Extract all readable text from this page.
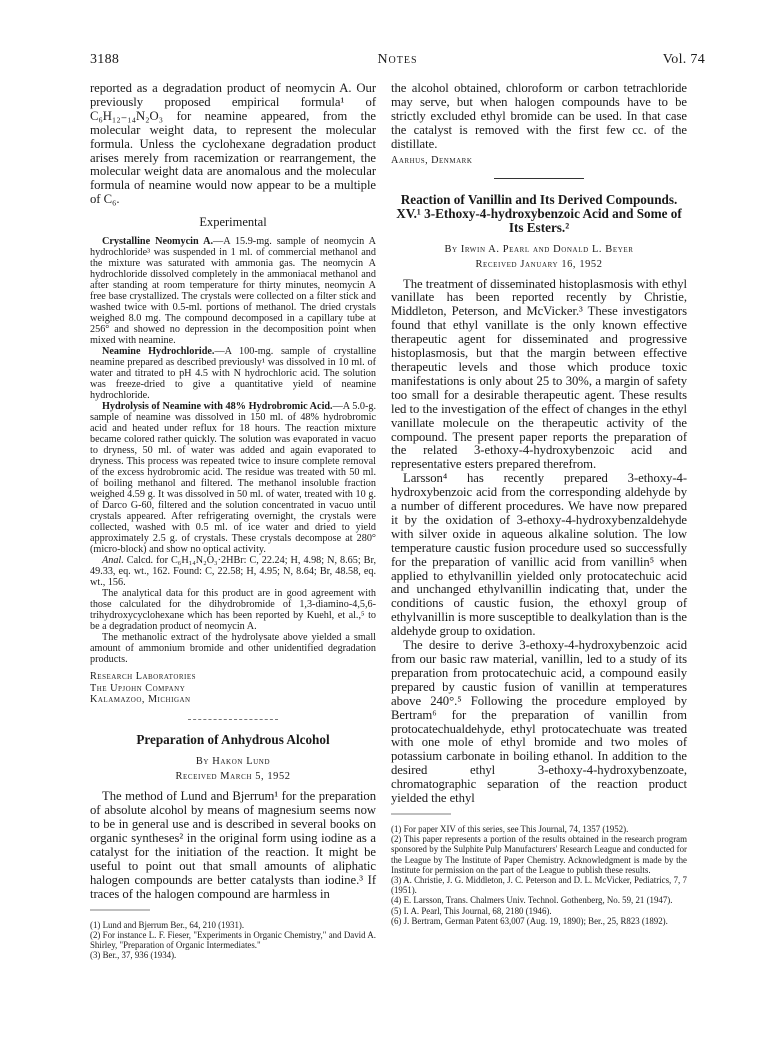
3188	Notes	Vol. 74

reported as a degradation product of neomycin A. Our previously proposed empirical formula¹ of C₆H₁₂₋₁₄N₂O₃ for neamine appeared, from the molecular weight data, to represent the molecular formula. Unless the cyclohexane degradation product arises merely from racemization or rearrangement, the molecular weight data are anomalous and the molecular formula of neamine would now appear to be a multiple of C₆.

Experimental

Crystalline Neomycin A.—A 15.9-mg. sample of neomycin A hydrochloride³ was suspended in 1 ml. of commercial methanol and the mixture was saturated with ammonia gas. The neomycin A hydrochloride dissolved completely in the ammoniacal methanol and after standing at room temperature for thirty minutes, neomycin A free base crystallized. The crystals were collected on a filter stick and washed twice with 0.5-ml. portions of methanol. The dried crystals weighed 8.0 mg. The compound decomposed in a capillary tube at 256° and showed no depression in the decomposition point when mixed with neamine.

Neamine Hydrochloride.—A 100-mg. sample of crystalline neamine prepared as described previously¹ was dissolved in 10 ml. of water and titrated to pH 4.5 with N hydrochloric acid. The solution was freeze-dried to give a quantitative yield of neamine hydrochloride.

Hydrolysis of Neamine with 48% Hydrobromic Acid.—A 5.0-g. sample of neamine was dissolved in 150 ml. of 48% hydrobromic acid and heated under reflux for 18 hours. The reaction mixture became colored rather quickly. The solution was evaporated in vacuo to dryness, 50 ml. of water was added and again evaporated to dryness. This process was repeated twice to insure complete removal of the excess hydrobromic acid. The residue was treated with 50 ml. of boiling methanol and filtered. The methanol insoluble fraction weighed 4.59 g. It was dissolved in 50 ml. of water, treated with 10 g. of Darco G-60, filtered and the solution concentrated in vacuo until crystals appeared. After refrigerating overnight, the crystals were collected, washed with 0.5 ml. of ice water and dried to yield approximately 2.5 g. of crystals. These crystals decompose at 280° (micro-block) and show no optical activity.

Anal. Calcd. for C₆H₁₄N₂O₃·2HBr: C, 22.24; H, 4.98; N, 8.65; Br, 49.33, eq. wt., 162. Found: C, 22.58; H, 4.95; N, 8.64; Br, 48.58, eq. wt., 156.

The analytical data for this product are in good agreement with those calculated for the dihydrobromide of 1,3-diamino-4,5,6-trihydroxycyclohexane which has been reported by Kuehl, et al.,⁵ to be a degradation product of neomycin A.

The methanolic extract of the hydrolysate above yielded a small amount of ammonium bromide and other unidentified degradation products.

Research Laboratories
The Upjohn Company
Kalamazoo, Michigan
Preparation of Anhydrous Alcohol
By Hakon Lund
Received March 5, 1952

The method of Lund and Bjerrum¹ for the preparation of absolute alcohol by means of magnesium seems now to be in general use and is described in several books on organic syntheses² in the original form using iodine as a catalyst for the initiation of the reaction. It might be useful to point out that small amounts of aliphatic halogen compounds are better catalysts than iodine.³ If traces of the halogen compound are harmless in

(1) Lund and Bjerrum Ber., 64, 210 (1931).

(2) For instance L. F. Fieser, "Experiments in Organic Chemistry," and David A. Shirley, "Preparation of Organic Intermediates."

(3) Ber., 37, 936 (1934).

the alcohol obtained, chloroform or carbon tetrachloride may serve, but when halogen compounds have to be strictly excluded ethyl bromide can be used. In that case the catalyst is removed with the first few cc. of the distillate.

Aarhus, Denmark
Reaction of Vanillin and Its Derived Compounds. XV.¹ 3-Ethoxy-4-hydroxybenzoic Acid and Some of Its Esters.²
By Irwin A. Pearl and Donald L. Beyer
Received January 16, 1952

The treatment of disseminated histoplasmosis with ethyl vanillate has been reported recently by Christie, Middleton, Peterson, and McVicker.³ These investigators found that ethyl vanillate is the only known effective therapeutic agent for disseminated and progressive histoplasmosis, but that the margin between effective therapeutic levels and those which produce toxic manifestations is only about 25 to 30%, a margin of safety too small for a desirable therapeutic agent. These results led to the investigation of the effect of changes in the ethyl vanillate molecule on the therapeutic activity of the compound. The present paper reports the preparation of the related 3-ethoxy-4-hydroxybenzoic acid and representative esters prepared therefrom.

Larsson⁴ has recently prepared 3-ethoxy-4-hydroxybenzoic acid from the corresponding aldehyde by a number of different procedures. We have now prepared it by the oxidation of 3-ethoxy-4-hydroxybenzaldehyde with silver oxide in aqueous alkaline solution. The low temperature caustic fusion procedure used so successfully for the preparation of vanillic acid from vanillin⁵ when applied to ethylvanillin yielded only protocatechuic acid and unchanged ethylvanillin indicating that, under the conditions of caustic fusion, the ethoxyl group of ethylvanillin is more susceptible to dealkylation than is the aldehyde group to oxidation.

The desire to derive 3-ethoxy-4-hydroxybenzoic acid from our basic raw material, vanillin, led to a study of its preparation from protocatechuic acid, a compound easily prepared by caustic fusion of vanillin at temperatures above 240°.⁵ Following the procedure employed by Bertram⁶ for the preparation of vanillin from protocatechualdehyde, ethyl protocatechuate was treated with one mole of ethyl bromide and two moles of potassium carbonate in boiling ethanol. In addition to the desired ethyl 3-ethoxy-4-hydroxybenzoate, chromatographic separation of the reaction product yielded the ethyl

(1) For paper XIV of this series, see This Journal, 74, 1357 (1952).

(2) This paper represents a portion of the results obtained in the research program sponsored by the Sulphite Pulp Manufacturers' Research League and conducted for the League by The Institute of Paper Chemistry. Acknowledgment is made by the Institute for permission on the part of the League to publish these results.

(3) A. Christie, J. G. Middleton, J. C. Peterson and D. L. McVicker, Pediatrics, 7, 7 (1951).

(4) E. Larsson, Trans. Chalmers Univ. Technol. Gothenberg, No. 59, 21 (1947).

(5) I. A. Pearl, This Journal, 68, 2180 (1946).

(6) J. Bertram, German Patent 63,007 (Aug. 19, 1890); Ber., 25, R823 (1892).
